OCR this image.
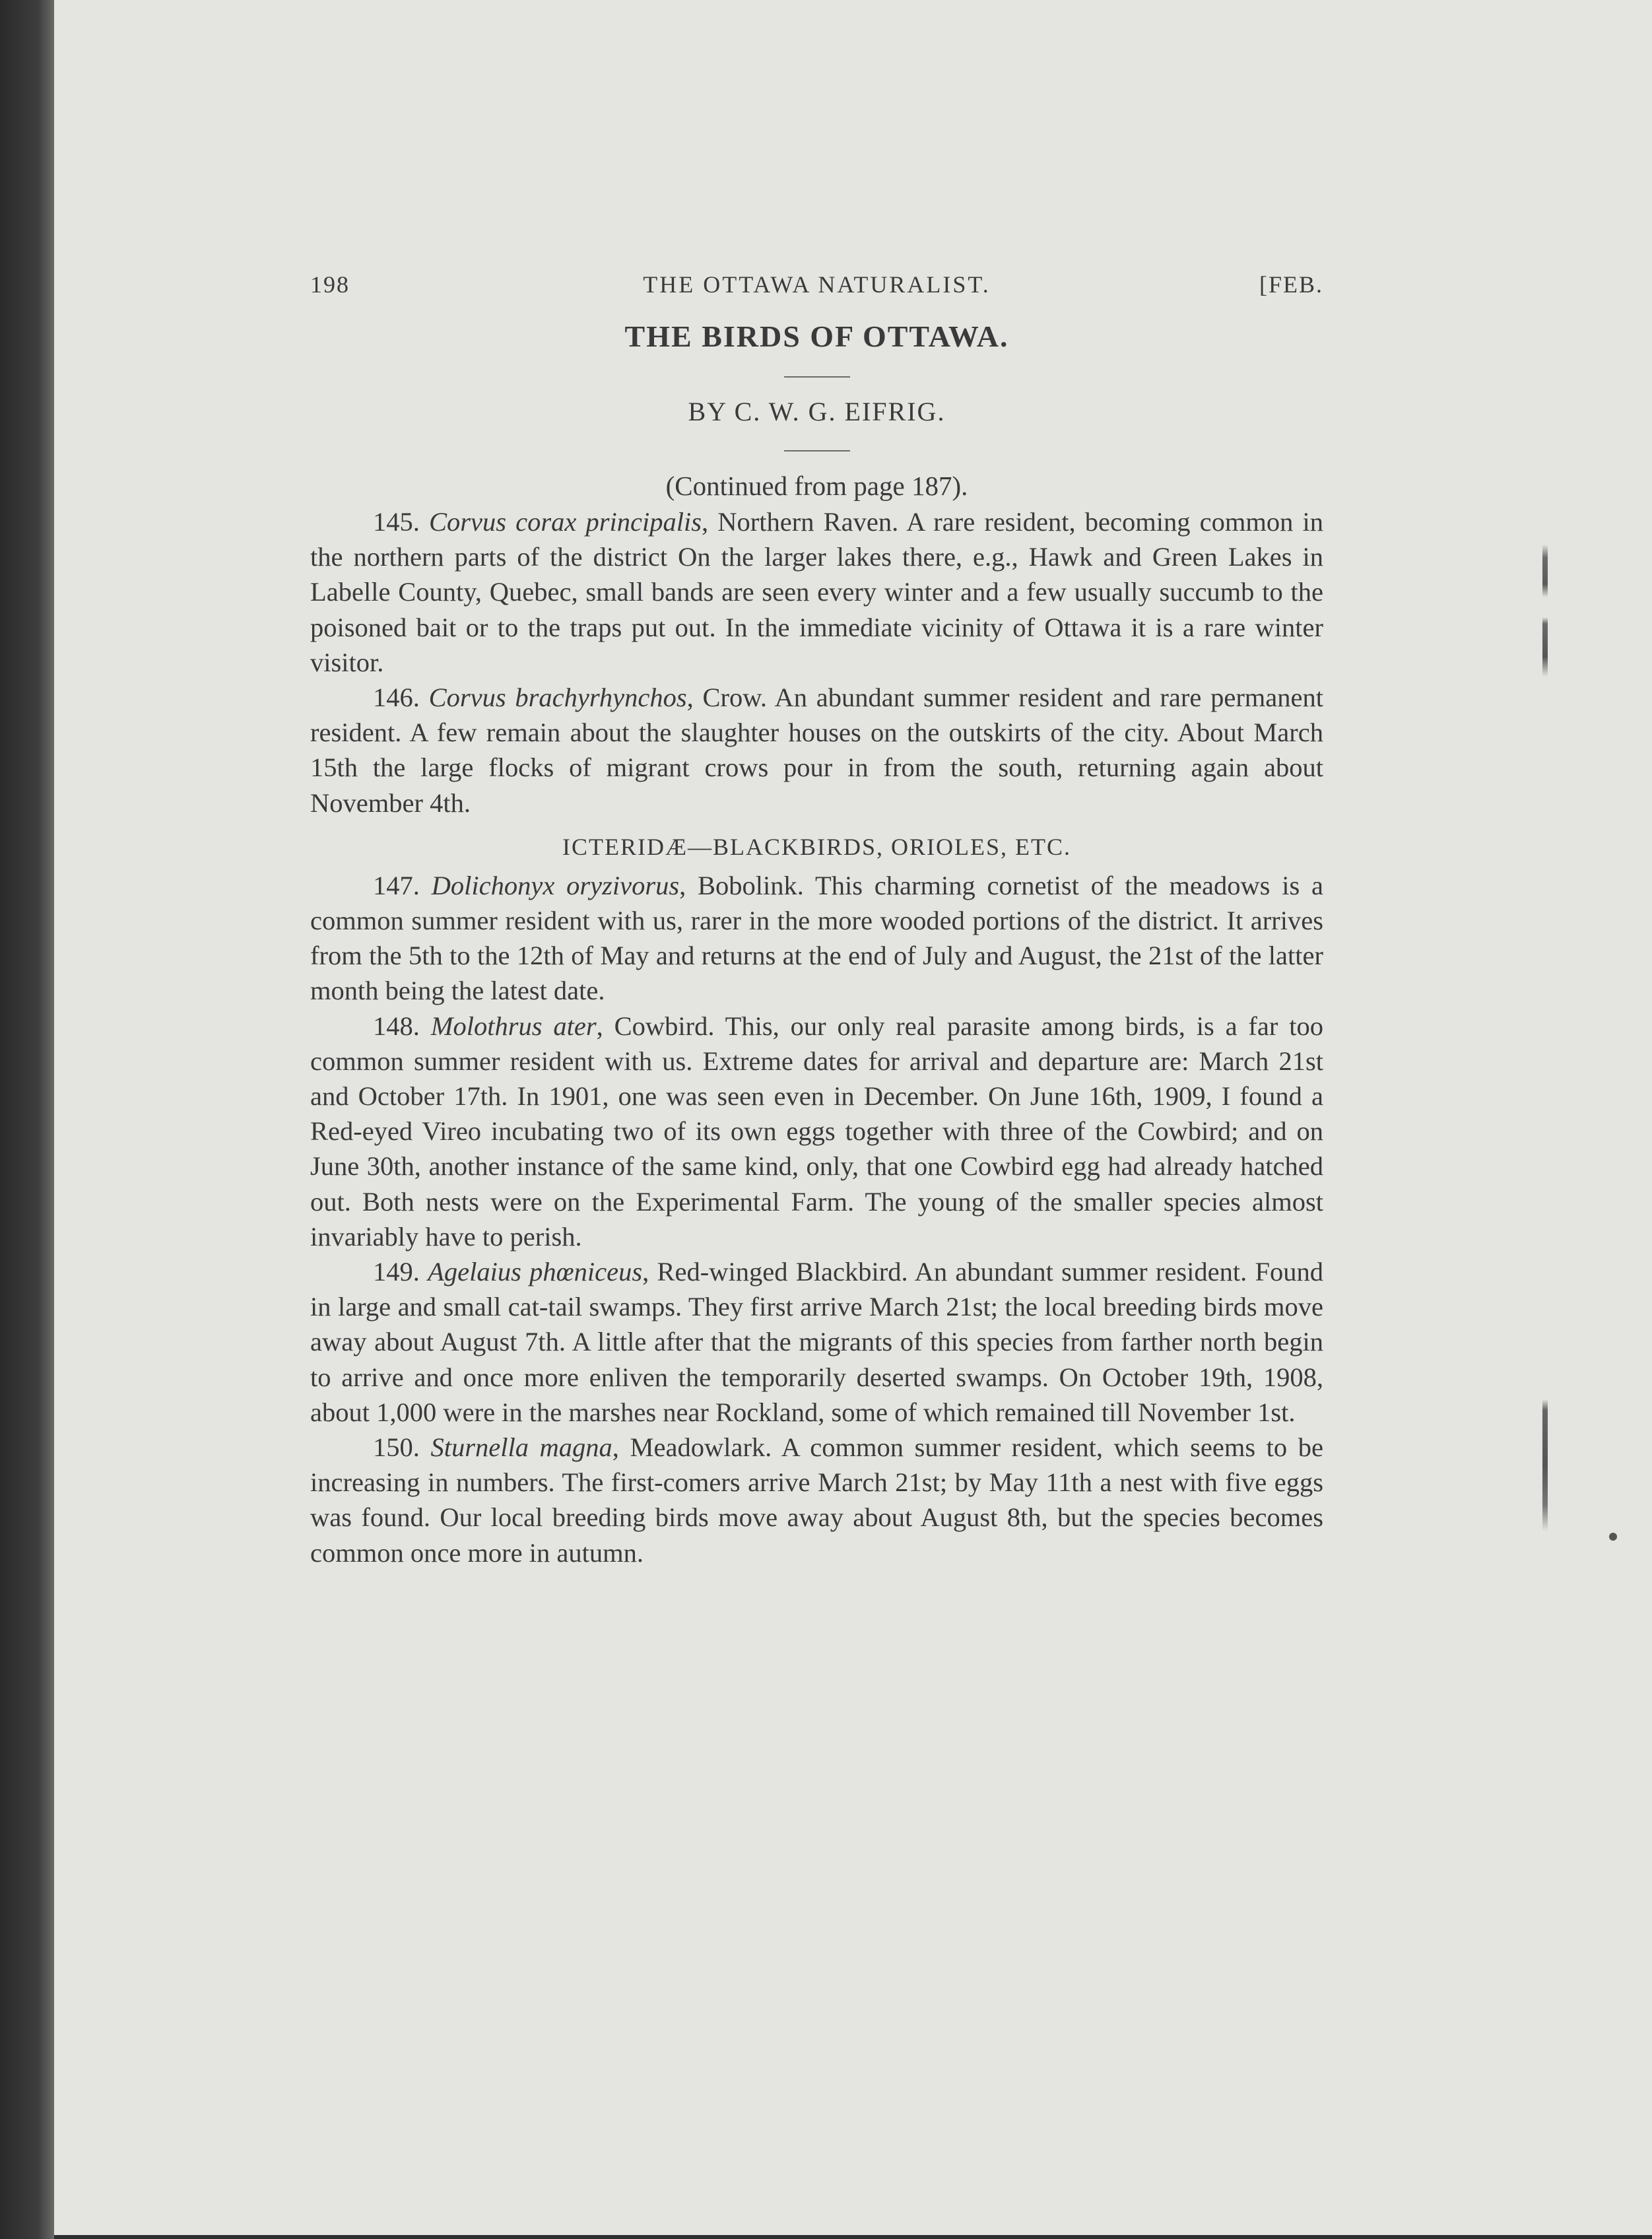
198	THE OTTAWA NATURALIST.	[FEB.
THE BIRDS OF OTTAWA.
BY C. W. G. EIFRIG.
(Continued from page 187).

145. Corvus corax principalis, Northern Raven. A rare resident, becoming common in the northern parts of the district On the larger lakes there, e.g., Hawk and Green Lakes in Labelle County, Quebec, small bands are seen every winter and a few usually succumb to the poisoned bait or to the traps put out. In the immediate vicinity of Ottawa it is a rare winter visitor.

146. Corvus brachyrhynchos, Crow. An abundant summer resident and rare permanent resident. A few remain about the slaughter houses on the outskirts of the city. About March 15th the large flocks of migrant crows pour in from the south, returning again about November 4th.

ICTERIDÆ—BLACKBIRDS, ORIOLES, ETC.

147. Dolichonyx oryzivorus, Bobolink. This charming cornetist of the meadows is a common summer resident with us, rarer in the more wooded portions of the district. It arrives from the 5th to the 12th of May and returns at the end of July and August, the 21st of the latter month being the latest date.

148. Molothrus ater, Cowbird. This, our only real parasite among birds, is a far too common summer resident with us. Extreme dates for arrival and departure are: March 21st and October 17th. In 1901, one was seen even in December. On June 16th, 1909, I found a Red-eyed Vireo incubating two of its own eggs together with three of the Cowbird; and on June 30th, another instance of the same kind, only, that one Cowbird egg had already hatched out. Both nests were on the Experimental Farm. The young of the smaller species almost invariably have to perish.

149. Agelaius phœniceus, Red-winged Blackbird. An abundant summer resident. Found in large and small cat-tail swamps. They first arrive March 21st; the local breeding birds move away about August 7th. A little after that the migrants of this species from farther north begin to arrive and once more enliven the temporarily deserted swamps. On October 19th, 1908, about 1,000 were in the marshes near Rockland, some of which remained till November 1st.

150. Sturnella magna, Meadowlark. A common summer resident, which seems to be increasing in numbers. The first-comers arrive March 21st; by May 11th a nest with five eggs was found. Our local breeding birds move away about August 8th, but the species becomes common once more in autumn.
